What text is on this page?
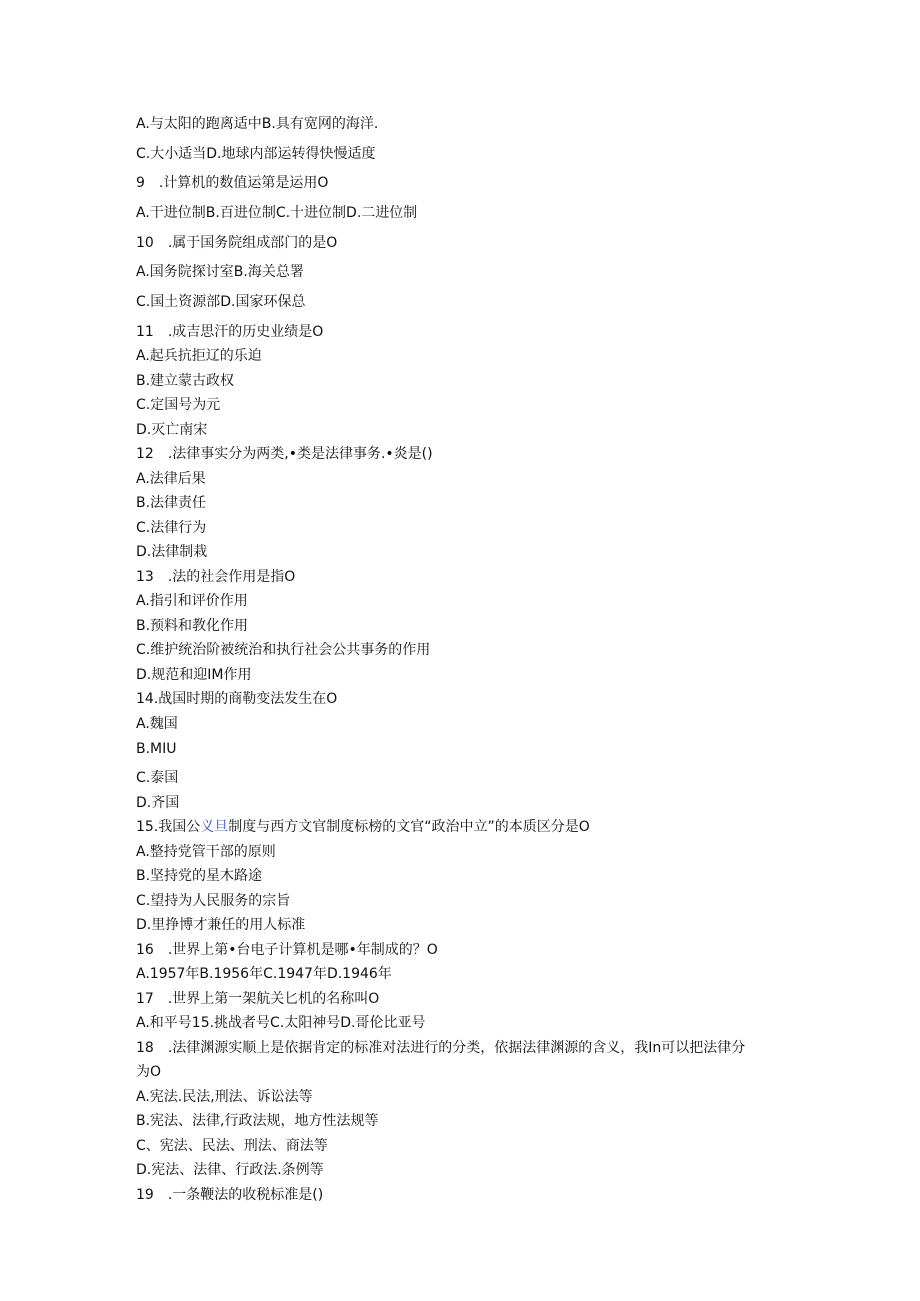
A.与太阳的跑离适中B.具有宽网的海洋.
C.大小适当D.地球内部运转得快慢适度
9　.计算机的数值运第是运用O
A.干进位制B.百进位制C.十进位制D.二进位制
10　.属于国务院组成部门的是O
A.国务院探讨室B.海关总署
C.国土资源部D.国家环保总
11　.成吉思汗的历史业绩是O
A.起兵抗拒辽的乐迫
B.建立蒙古政权
C.定国号为元
D.灭亡南宋
12　.法律事实分为两类,•类是法律事务.•炎是()
A.法律后果
B.法律责任
C.法律行为
D.法律制栽
13　.法的社会作用是指O
A.指引和评价作用
B.预料和教化作用
C.维护统治阶被统治和执行社会公共事务的作用
D.规范和迎IM作用
14.战国时期的商勒变法发生在O
A.魏国
B.MIU
C.泰国
D.齐国
15.我国公义旦制度与西方文官制度标榜的文官“政治中立”的本质区分是O
A.整持党管干部的原则
B.坚持党的星木路途
C.望持为人民服务的宗旨
D.里挣博才兼任的用人标准
16　.世界上第•台电子计算机是哪•年制成的？O
A.1957年B.1956年C.1947年D.1946年
17　.世界上第一架航关匕机的名称叫O
A.和平号15.挑战者号C.太阳神号D.哥伦比亚号
18　.法律渊源实顺上是依据肯定的标准对法进行的分类，依据法律渊源的含义，我In可以把法律分
为O
A.宪法.民法,刑法、诉讼法等
B.宪法、法律,行政法规，地方性法规等
C、宪法、民法、刑法、商法等
D.宪法、法律、行政法.条例等
19　.一条鞭法的收税标准是()
